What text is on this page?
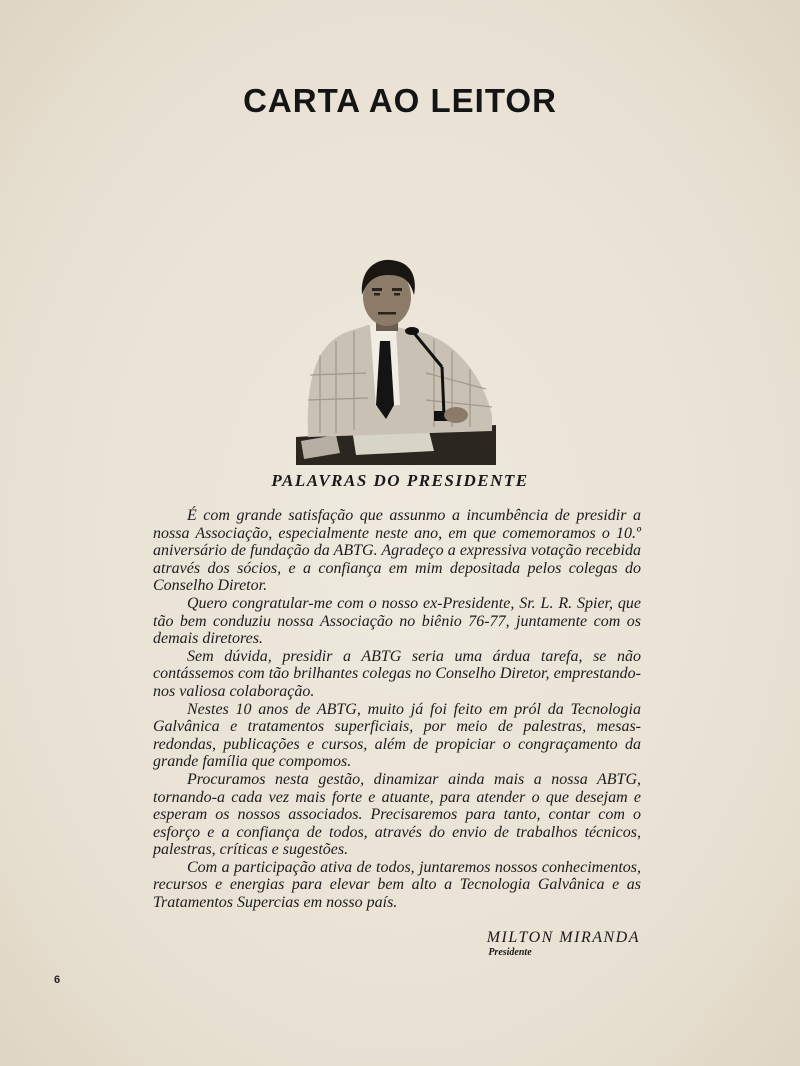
CARTA AO LEITOR
PALAVRAS DO PRESIDENTE

É com grande satisfação que assunmo a incumbência de presidir a nossa Associação, especialmente neste ano, em que comemoramos o 10.º aniversário de fundação da ABTG. Agradeço a expressiva votação recebida através dos sócios, e a confiança em mim depositada pelos colegas do Conselho Diretor.

Quero congratular-me com o nosso ex-Presidente, Sr. L. R. Spier, que tão bem conduziu nossa Associação no biênio 76-77, juntamente com os demais diretores.

Sem dúvida, presidir a ABTG seria uma árdua tarefa, se não contássemos com tão brilhantes colegas no Conselho Diretor, emprestando-nos valiosa colaboração.

Nestes 10 anos de ABTG, muito já foi feito em pról da Tecnologia Galvânica e tratamentos superficiais, por meio de palestras, mesas-redondas, publicações e cursos, além de propiciar o congraçamento da grande família que compomos.

Procuramos nesta gestão, dinamizar ainda mais a nossa ABTG, tornando-a cada vez mais forte e atuante, para atender o que desejam e esperam os nossos associados. Precisaremos para tanto, contar com o esforço e a confiança de todos, através do envio de trabalhos técnicos, palestras, críticas e sugestões.

Com a participação ativa de todos, juntaremos nossos conhecimentos, recursos e energias para elevar bem alto a Tecnologia Galvânica e as Tratamentos Supercias em nosso país.

MILTON MIRANDA
Presidente
6
